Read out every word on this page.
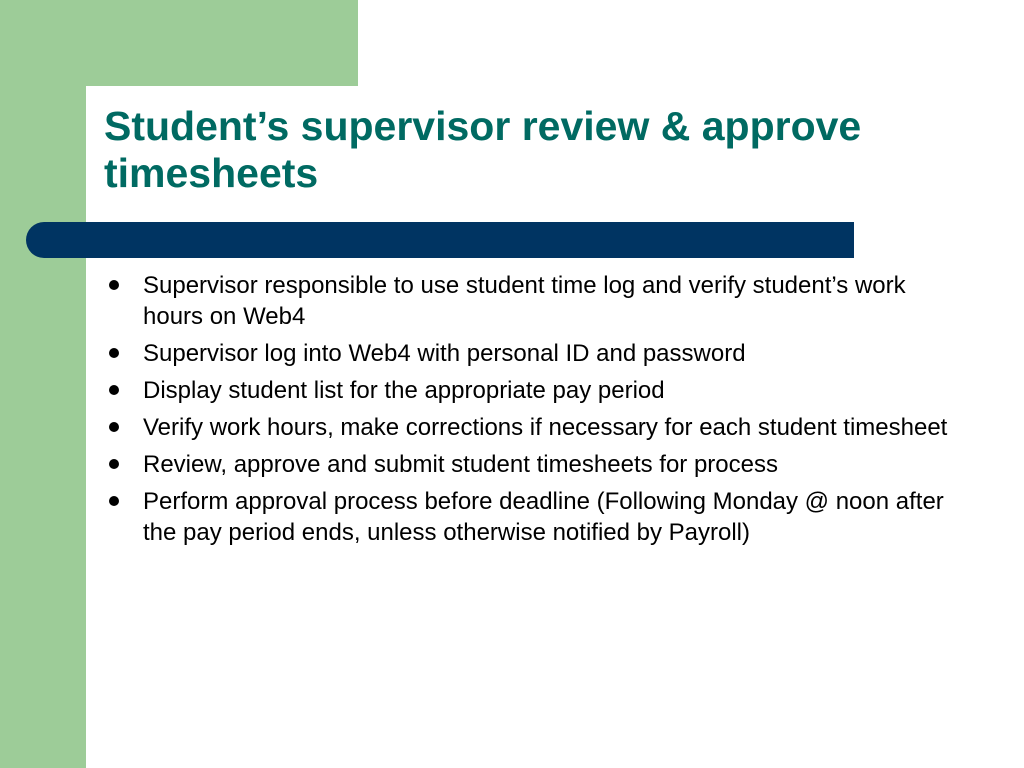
Student’s supervisor review & approve timesheets
Supervisor responsible to use student time log and verify student’s work hours on Web4
Supervisor log into Web4 with personal ID and password
Display student list for the appropriate pay period
Verify work hours, make corrections if necessary for each student timesheet
Review, approve and submit student timesheets for process
Perform approval process before deadline (Following Monday @ noon after the pay period ends, unless otherwise notified by Payroll)
